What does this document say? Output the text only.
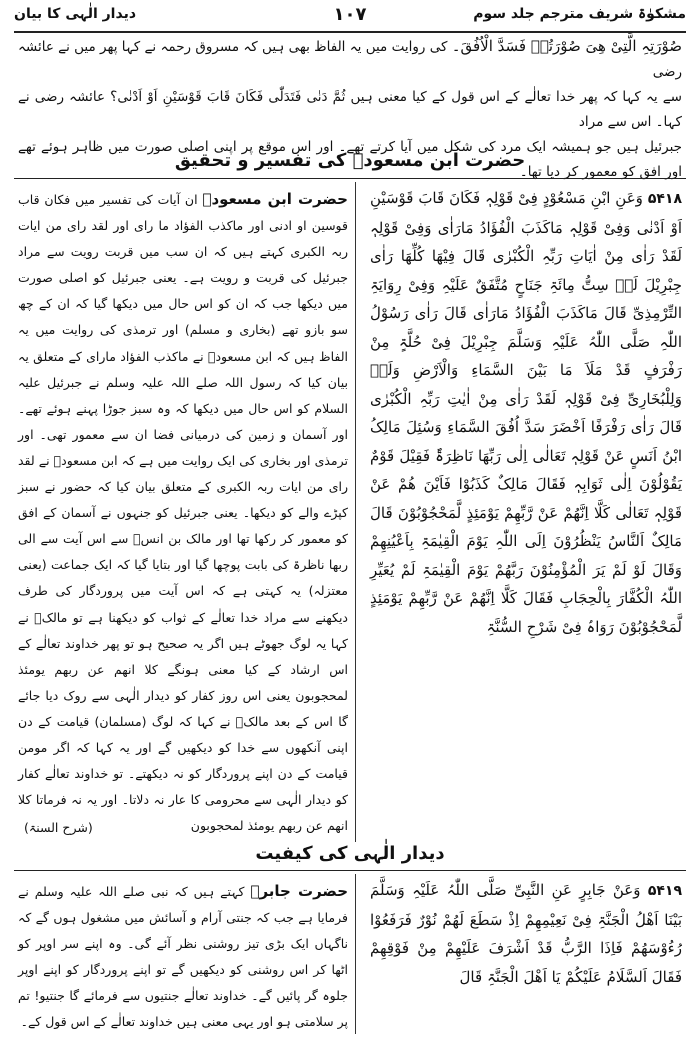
مشکوٰۃ شریف مترجم جلد سوم
۱۰۷
دیدار الٰہی کا بیان
صُوْرَتِہِ الَّتِیْ ھِیَ صُوْرَتُہٗ فَسَدَّ الْاُفُقَ۔ کی روایت میں یہ الفاظ بھی ہیں کہ مسروق رحمہ نے کہا پھر میں نے عائشہ رضی
سے یہ کہا کہ پھر خدا تعالٰے کے اس قول کے کیا معنی ہیں ثُمَّ دَنٰی فَتَدَلّٰی فَکَانَ قَابَ قَوْسَیْنِ اَوْ اَدْنٰی؟ عائشہ رضی نے کہا۔ اس سے مراد
جبرئیل ہیں جو ہمیشہ ایک مرد کی شکل میں آیا کرتے تھے۔ اور اس موقع پر اپنی اصلی صورت میں ظاہر ہوئے تھے اور افق کو معمور کر دیا تھا۔
حضرت ابن مسعودؓ کی تفسیر و تحقیق
۵۴۱۸ وَعَنِ ابْنِ مَسْعُوْدٍ فِیْ قَوْلِہٖ فَکَانَ قَابَ قَوْسَیْنِ اَوْ اَدْنٰی وَفِیْ قَوْلِہٖ مَاکَذَبَ الْفُؤَادُ مَارَاٰی وَفِیْ قَوْلِہٖ لَقَدْ رَاٰی مِنْ اٰیَاتِ رَبِّہِ الْکُبْرٰی قَالَ فِیْھَا کُلِّھَا رَاٰی جِبْرِیْلَ لَہٗ سِتُّ مِائَۃِ جَنَاحٍ مُتَّفَقٌ عَلَیْہِ وَفِیْ رِوَایَۃِ التِّرْمِذِیِّ قَالَ مَاکَذَبَ الْفُؤَادُ مَارَاٰی قَالَ رَاٰی رَسُوْلُ اللّٰہِ صَلَّی اللّٰہُ عَلَیْہِ وَسَلَّمَ جِبْرِیْلَ فِیْ حُلَّۃٍ مِنْ رَفْرَفٍ قَدْ مَلَاَ مَا بَیْنَ السَّمَاءِ وَالْاَرْضِ وَلَہٗ وَلِلْبُخَارِیِّ فِیْ قَوْلِہٖ لَقَدْ رَاٰی مِنْ اٰیٰتِ رَبِّہِ الْکُبْرٰی قَالَ رَاٰی رَفْرَفًا اَخْضَرَ سَدَّ اُفُقَ السَّمَاءِ وَسُئِلَ مَالِکُ ابْنُ اَنَسٍ عَنْ قَوْلِہٖ تَعَالٰی اِلٰی رَبِّھَا نَاظِرَۃٌ فَقِیْلَ قَوْمٌ یَقُوْلُوْنَ اِلٰی ثَوَابِہٖ فَقَالَ مَالِکٌ کَذَبُوْا فَاَیْنَ ھُمْ عَنْ قَوْلِہٖ تَعَالٰی کَلَّا اِنَّھُمْ عَنْ رَّبِّھِمْ یَوْمَئِذٍ لَّمَحْجُوْبُوْنَ قَالَ مَالِکٌ اَلنَّاسُ یَنْظُرُوْنَ اِلَی اللّٰہِ یَوْمَ الْقِیٰمَۃِ بِاَعْیُنِھِمْ وَقَالَ لَوْ لَمْ یَرَ الْمُؤْمِنُوْنَ رَبَّھُمْ یَوْمَ الْقِیٰمَۃِ لَمْ یُعَیِّرِ اللّٰہُ الْکُفَّارَ بِالْحِجَابِ فَقَالَ کَلَّا اِنَّھُمْ عَنْ رَّبِّھِمْ یَوْمَئِذٍ لَّمَحْجُوْبُوْنَ رَوَاہُ فِیْ شَرْحِ السُّنَّۃِ
حضرت ابن مسعودؓ ان آیات کی تفسیر میں فکان قاب قوسین او ادنی اور ماکذب الفؤاد ما رای اور لقد رای من ایات ربہ الکبری کہتے ہیں کہ ان سب میں قربت رویت سے مراد جبرئیل کی قربت و رویت ہے۔ یعنی جبرئیل کو اصلی صورت میں دیکھا جب کہ ان کو اس حال میں دیکھا گیا کہ ان کے چھ سو بازو تھے (بخاری و مسلم) اور ترمذی کی روایت میں یہ الفاظ ہیں کہ ابن مسعودؓ نے ماکذب الفؤاد مارای کے متعلق یہ بیان کیا کہ رسول اللہ صلے اللہ علیہ وسلم نے جبرئیل علیہ السلام کو اس حال میں دیکھا کہ وہ سبز جوڑا پہنے ہوئے تھے۔ اور آسمان و زمین کی درمیانی فضا ان سے معمور تھی۔ اور ترمذی اور بخاری کی ایک روایت میں ہے کہ ابن مسعودؓ نے لقد رای من ایات ربہ الکبری کے متعلق بیان کیا کہ حضور نے سبز کپڑے والے کو دیکھا۔ یعنی جبرئیل کو جنہوں نے آسمان کے افق کو معمور کر رکھا تھا اور مالک بن انسؓ سے اس آیت سے الی ربھا ناظرۃ کی بابت پوچھا گیا اور بتایا گیا کہ ایک جماعت (یعنی معتزلہ) یہ کہتی ہے کہ اس آیت میں پروردگار کی طرف دیکھنے سے مراد خدا تعالٰے کے ثواب کو دیکھنا ہے تو مالکؒ نے کہا یہ لوگ جھوٹے ہیں اگر یہ صحیح ہو تو پھر خداوند تعالٰے کے اس ارشاد کے کیا معنی ہونگے کلا انھم عن ربھم یومئذ لمحجوبون یعنی اس روز کفار کو دیدار الٰہی سے روک دیا جائے گا اس کے بعد مالکؒ نے کہا کہ لوگ (مسلمان) قیامت کے دن اپنی آنکھوں سے خدا کو دیکھیں گے اور یہ کہا کہ اگر مومن قیامت کے دن اپنے پروردگار کو نہ دیکھتے۔ تو خداوند تعالٰے کفار کو دیدار الٰہی سے محرومی کا عار نہ دلاتا۔ اور یہ نہ فرماتا کلا انھم عن ربھم یومئذ لمحجوبون
(شرح السنۃ)
دیدار الٰہی کی کیفیت
۵۴۱۹ وَعَنْ جَابِرٍ عَنِ النَّبِیِّ صَلَّی اللّٰہُ عَلَیْہِ وَسَلَّمَ بَیْنَا اَھْلُ الْجَنَّۃِ فِیْ نَعِیْمِھِمْ اِذْ سَطَعَ لَھُمْ نُوْرٌ فَرَفَعُوْا رُءُوْسَھُمْ فَاِذَا الرَّبُّ قَدْ اَشْرَفَ عَلَیْھِمْ مِنْ فَوْقِھِمْ فَقَالَ اَلسَّلَامُ عَلَیْکُمْ یَا اَھْلَ الْجَنَّۃِ قَالَ
حضرت جابرؓ کہتے ہیں کہ نبی صلے اللہ علیہ وسلم نے فرمایا ہے جب کہ جنتی آرام و آسائش میں مشغول ہوں گے کہ ناگہاں ایک بڑی تیز روشنی نظر آئے گی۔ وہ اپنے سر اوپر کو اٹھا کر اس روشنی کو دیکھیں گے تو اپنے پروردگار کو اپنے اوپر جلوہ گر پائیں گے۔ خداوند تعالٰے جنتیوں سے فرمائے گا جنتیو! تم پر سلامتی ہو اور یہی معنی ہیں خداوند تعالٰے کے اس قول کے۔
